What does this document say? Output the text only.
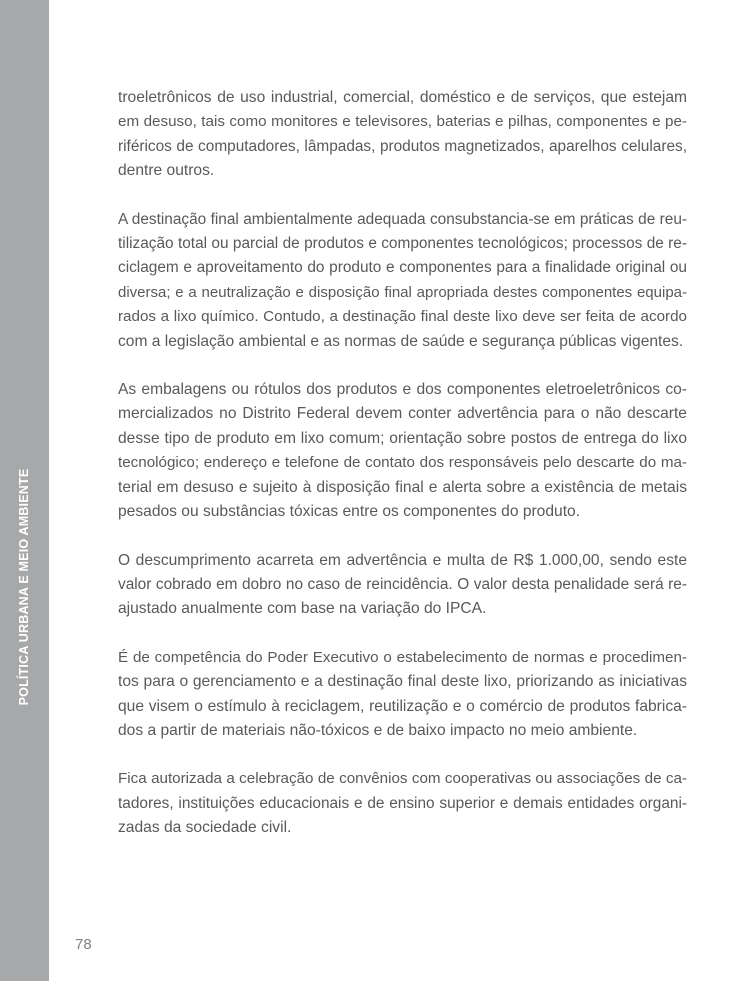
POLÍTICA URBANA E MEIO AMBIENTE

troeletrônicos de uso industrial, comercial, doméstico e de serviços, que estejam
em desuso, tais como monitores e televisores, baterias e pilhas, componentes e pe-
riféricos de computadores, lâmpadas, produtos magnetizados, aparelhos celulares,
dentre outros.

A destinação final ambientalmente adequada consubstancia-se em práticas de reu-
tilização total ou parcial de produtos e componentes tecnológicos; processos de re-
ciclagem e aproveitamento do produto e componentes para a finalidade original ou
diversa; e a neutralização e disposição final apropriada destes componentes equipa-
rados a lixo químico. Contudo, a destinação final deste lixo deve ser feita de acordo
com a legislação ambiental e as normas de saúde e segurança públicas vigentes.

As embalagens ou rótulos dos produtos e dos componentes eletroeletrônicos co-
mercializados no Distrito Federal devem conter advertência para o não descarte
desse tipo de produto em lixo comum; orientação sobre postos de entrega do lixo
tecnológico; endereço e telefone de contato dos responsáveis pelo descarte do ma-
terial em desuso e sujeito à disposição final e alerta sobre a existência de metais
pesados ou substâncias tóxicas entre os componentes do produto.

O descumprimento acarreta em advertência e multa de R$ 1.000,00, sendo este
valor cobrado em dobro no caso de reincidência. O valor desta penalidade será re-
ajustado anualmente com base na variação do IPCA.

É de competência do Poder Executivo o estabelecimento de normas e procedimen-
tos para o gerenciamento e a destinação final deste lixo, priorizando as iniciativas
que visem o estímulo à reciclagem, reutilização e o comércio de produtos fabrica-
dos a partir de materiais não-tóxicos e de baixo impacto no meio ambiente.

Fica autorizada a celebração de convênios com cooperativas ou associações de ca-
tadores, instituições educacionais e de ensino superior e demais entidades organi-
zadas da sociedade civil.

78
